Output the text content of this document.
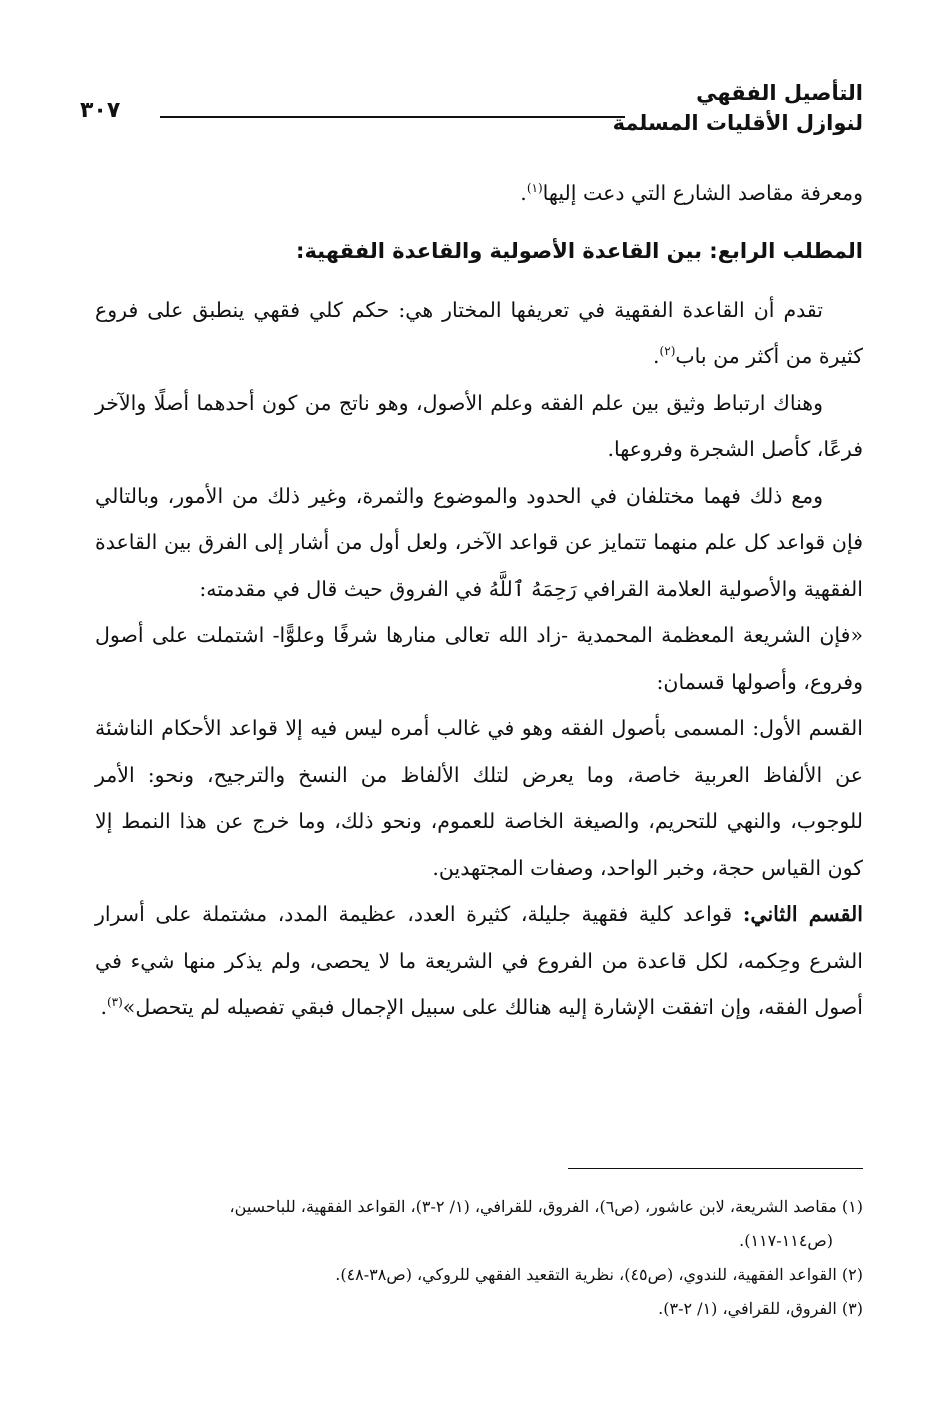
التأصيل الفقهي
لنوازل الأقليات المسلمة
٣٠٧

ومعرفة مقاصد الشارع التي دعت إليها$^{(١)}$.

المطلب الرابع: بين القاعدة الأصولية والقاعدة الفقهية:

تقدم أن القاعدة الفقهية في تعريفها المختار هي: حكم كلي فقهي ينطبق على فروع كثيرة من أكثر من باب$^{(٢)}$.

وهناك ارتباط وثيق بين علم الفقه وعلم الأصول، وهو ناتج من كون أحدهما أصلًا والآخر فرعًا، كأصل الشجرة وفروعها.

ومع ذلك فهما مختلفان في الحدود والموضوع والثمرة، وغير ذلك من الأمور، وبالتالي فإن قواعد كل علم منهما تتمايز عن قواعد الآخر، ولعل أول من أشار إلى الفرق بين القاعدة الفقهية والأصولية العلامة القرافي رَحِمَهُ ٱللَّهُ في الفروق حيث قال في مقدمته:

«فإن الشريعة المعظمة المحمدية -زاد الله تعالى منارها شرفًا وعلوًّا- اشتملت على أصول وفروع، وأصولها قسمان:

القسم الأول: المسمى بأصول الفقه وهو في غالب أمره ليس فيه إلا قواعد الأحكام الناشئة عن الألفاظ العربية خاصة، وما يعرض لتلك الألفاظ من النسخ والترجيح، ونحو: الأمر للوجوب، والنهي للتحريم، والصيغة الخاصة للعموم، ونحو ذلك، وما خرج عن هذا النمط إلا كون القياس حجة، وخبر الواحد، وصفات المجتهدين.

القسم الثاني: قواعد كلية فقهية جليلة، كثيرة العدد، عظيمة المدد، مشتملة على أسرار الشرع وحِكمه، لكل قاعدة من الفروع في الشريعة ما لا يحصى، ولم يذكر منها شيء في أصول الفقه، وإن اتفقت الإشارة إليه هنالك على سبيل الإجمال فبقي تفصيله لم يتحصل»$^{(٣)}$.

(١) مقاصد الشريعة، لابن عاشور، (ص٦)، الفروق، للقرافي، (١/ ٢-٣)، القواعد الفقهية، للباحسين،

(ص١١٤-١١٧).

(٢) القواعد الفقهية، للندوي، (ص٤٥)، نظرية التقعيد الفقهي للروكي، (ص٣٨-٤٨).

(٣) الفروق، للقرافي، (١/ ٢-٣).
